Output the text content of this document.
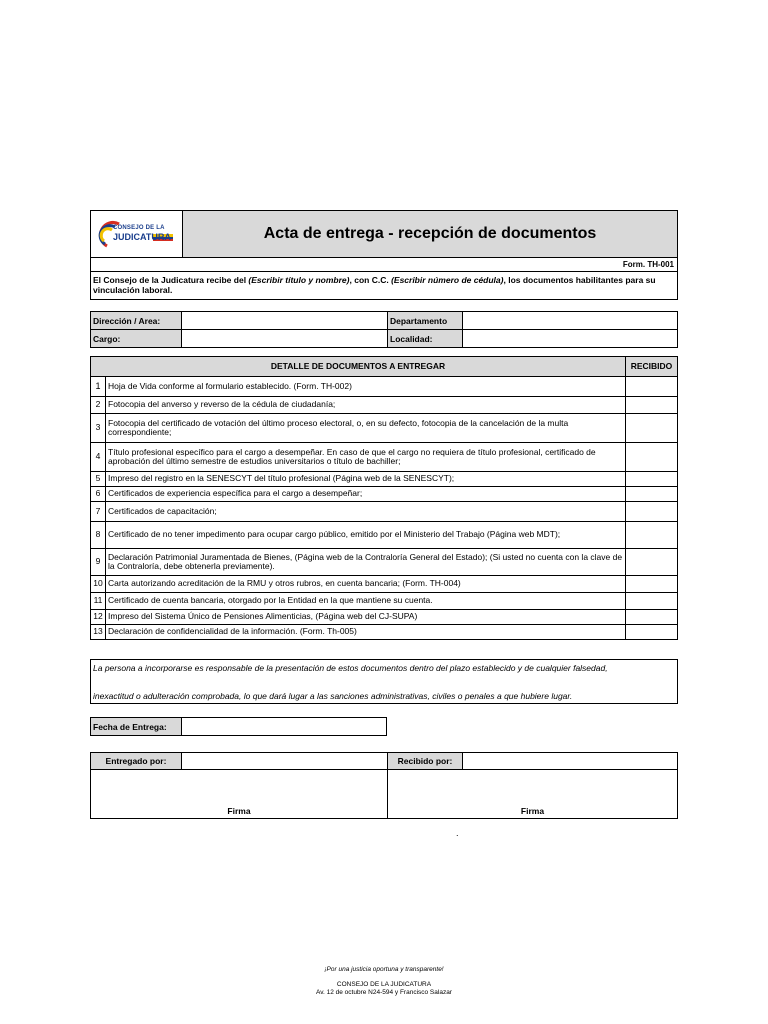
CONSEJO DE LA
JUDICATURA	Acta de entrega - recepción de documentos
Form. TH-001
El Consejo de la Judicatura recibe del (Escribir título y nombre), con C.C. (Escribir número de cédula), los documentos habilitantes para su vinculación laboral.
Dirección / Area:		Departamento	
Cargo:		Localidad:	
DETALLE DE DOCUMENTOS A ENTREGAR		RECIBIDO
1	Hoja de Vida conforme al formulario establecido. (Form. TH-002)	
2	Fotocopia del anverso y reverso de la cédula de ciudadanía;	
3	Fotocopia del certificado de votación del último proceso electoral, o, en su defecto, fotocopia de la cancelación de la multa correspondiente;	
4	Título profesional específico para el cargo a desempeñar. En caso de que el cargo no requiera de título profesional, certificado de aprobación del último semestre de estudios universitarios o título de bachiller;	
5	Impreso del registro en la SENESCYT del título profesional (Página web de la SENESCYT);	
6	Certificados de experiencia específica para el cargo a desempeñar;	
7	Certificados de capacitación;	
8	Certificado de no tener impedimento para ocupar cargo público, emitido por el Ministerio del Trabajo (Página web MDT);	
9	Declaración Patrimonial Juramentada de Bienes, (Página web de la Contraloría General del Estado); (Si usted no cuenta con la clave de la Contraloría, debe obtenerla previamente).	
10	Carta autorizando acreditación de la RMU y otros rubros, en cuenta bancaria; (Form. TH-004)	
11	Certificado de cuenta bancaria, otorgado por la Entidad en la que mantiene su cuenta.	
12	Impreso del Sistema Único de Pensiones Alimenticias, (Página web del CJ-SUPA)	
13	Declaración de confidencialidad de la información. (Form. Th-005)	
La persona a incorporarse es responsable de la presentación de estos documentos dentro del plazo establecido y de cualquier falsedad,
inexactitud o adulteración comprobada, lo que dará lugar a las sanciones administrativas, civiles o penales a que hubiere lugar.
Fecha de Entrega:	
Entregado por:		Recibido por:	
Firma		Firma	
.
¡Por una justicia oportuna y transparente!
CONSEJO DE LA JUDICATURA
Av. 12 de octubre N24-594 y Francisco Salazar
